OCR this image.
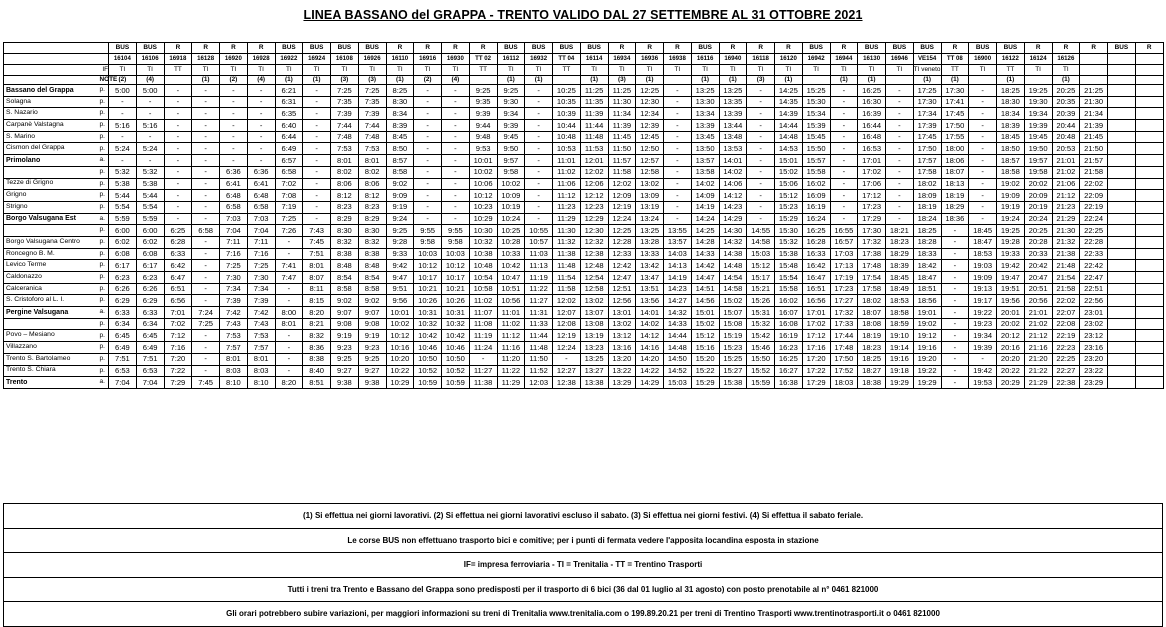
LINEA BASSANO del GRAPPA - TRENTO VALIDO DAL 27 SETTEMBRE AL 31 OTTOBRE 2021
		BUS	BUS	R	R	R	R	BUS	BUS	BUS	BUS	R	R	R	R	BUS	BUS	BUS	BUS	R	R	R	BUS	R	R	R	BUS	R	BUS	BUS	BUS	R	BUS	BUS	R	R	R	BUS	R
		16104	16106	16918	16128	16920	16928	16922	16924	16108	16926	16110	16916	16930	TT 02	16112	16932	TT 04	16114	16934	16936	16938	16116	16940	16118	16120	16942	16944	16130	16946	VE154	TT 08	16900	16122	16124	16126			
	IF	TI	TI	TT	TI	TI	TI	TI	TI	TI	TI	TI	TI	TI	TT	TI	TI	TT	TI	TI	TI	TI	TI	TI	TI	TI	TI	TI	TI	TI	TI veneto	TT	TI	TT	TI	TI			
	NOTE	(2)	(4)		(1)	(2)	(4)	(1)	(1)	(3)	(3)	(1)	(2)	(4)		(1)	(1)		(1)	(3)	(1)		(1)	(1)	(3)	(1)		(1)	(1)		(1)	(1)		(1)		(1)			
Bassano del Grappa	p.	5:00	5:00	-	-	-	-	6:21	-	7:25	7:25	8:25	-	-	9:25	9:25	-	10:25	11:25	11:25	12:25	-	13:25	13:25	-	14:25	15:25	-	16:25	-	17:25	17:30	-	18:25	19:25	20:25	21:25		
Solagna	p.	-	-	-	-	-	-	6:31	-	7:35	7:35	8:30	-	-	9:35	9:30	-	10:35	11:35	11:30	12:30	-	13:30	13:35	-	14:35	15:30	-	16:30	-	17:30	17:41	-	18:30	19:30	20:35	21:30		
S. Nazario	p.	-	-	-	-	-	-	6:35	-	7:39	7:39	8:34	-	-	9:39	9:34	-	10:39	11:39	11:34	12:34	-	13:34	13:39	-	14:39	15:34	-	16:39	-	17:34	17:45	-	18:34	19:34	20:39	21:34		
Carpanè Valstagna	p.	5:16	5:16	-	-	-	-	6:40	-	7:44	7:44	8:39	-	-	9:44	9:39	-	10:44	11:44	11:39	12:39	-	13:39	13:44	-	14:44	15:39	-	16:44	-	17:39	17:50	-	18:39	19:39	20:44	21:39		
S. Marino	p.	-	-	-	-	-	-	6:44	-	7:48	7:48	8:45	-	-	9:48	9:45	-	10:48	11:48	11:45	12:45	-	13:45	13:48	-	14:48	15:45	-	16:48	-	17:45	17:55	-	18:45	19:45	20:48	21:45		
Cismon del Grappa	p.	5:24	5:24	-	-	-	-	6:49	-	7:53	7:53	8:50	-	-	9:53	9:50	-	10:53	11:53	11:50	12:50	-	13:50	13:53	-	14:53	15:50	-	16:53	-	17:50	18:00	-	18:50	19:50	20:53	21:50		
Primolano	a.	-	-	-	-	-	-	6:57	-	8:01	8:01	8:57	-	-	10:01	9:57	-	11:01	12:01	11:57	12:57	-	13:57	14:01	-	15:01	15:57	-	17:01	-	17:57	18:06	-	18:57	19:57	21:01	21:57		
	p.	5:32	5:32	-	-	6:36	6:36	6:58	-	8:02	8:02	8:58	-	-	10:02	9:58	-	11:02	12:02	11:58	12:58	-	13:58	14:02	-	15:02	15:58	-	17:02	-	17:58	18:07	-	18:58	19:58	21:02	21:58		
Tezze di Grigno	p.	5:38	5:38	-	-	6:41	6:41	7:02	-	8:06	8:06	9:02	-	-	10:06	10:02	-	11:06	12:06	12:02	13:02	-	14:02	14:06	-	15:06	16:02	-	17:06	-	18:02	18:13	-	19:02	20:02	21:06	22:02		
Grigno	p.	5:44	5:44	-	-	6:48	6:48	7:08	-	8:12	8:12	9:09	-	-	10:12	10:09	-	11:12	12:12	12:09	13:09	-	14:09	14:12	-	15:12	16:09	-	17:12	-	18:09	18:19	-	19:09	20:09	21:12	22:09		
Strigno	p.	5:54	5:54	-	-	6:58	6:58	7:19	-	8:23	8:23	9:19	-	-	10:23	10:19	-	11:23	12:23	12:19	13:19	-	14:19	14:23	-	15:23	16:19	-	17:23	-	18:19	18:29	-	19:19	20:19	21:23	22:19		
Borgo Valsugana Est	a.	5:59	5:59	-	-	7:03	7:03	7:25	-	8:29	8:29	9:24	-	-	10:29	10:24	-	11:29	12:29	12:24	13:24	-	14:24	14:29	-	15:29	16:24	-	17:29	-	18:24	18:36	-	19:24	20:24	21:29	22:24		
	p.	6:00	6:00	6:25	6:58	7:04	7:04	7:26	7:43	8:30	8:30	9:25	9:55	9:55	10:30	10:25	10:55	11:30	12:30	12:25	13:25	13:55	14:25	14:30	14:55	15:30	16:25	16:55	17:30	18:21	18:25	-	18:45	19:25	20:25	21:30	22:25		
Borgo Valsugana Centro	p.	6:02	6:02	6:28	-	7:11	7:11	-	7:45	8:32	8:32	9:28	9:58	9:58	10:32	10:28	10:57	11:32	12:32	12:28	13:28	13:57	14:28	14:32	14:58	15:32	16:28	16:57	17:32	18:23	18:28	-	18:47	19:28	20:28	21:32	22:28		
Roncegno B. M.	p.	6:08	6:08	6:33	-	7:16	7:16	-	7:51	8:38	8:38	9:33	10:03	10:03	10:38	10:33	11:03	11:38	12:38	12:33	13:33	14:03	14:33	14:38	15:03	15:38	16:33	17:03	17:38	18:29	18:33	-	18:53	19:33	20:33	21:38	22:33		
Levico Terme	p.	6:17	6:17	6:42	-	7:25	7:25	7:41	8:01	8:48	8:48	9:42	10:12	10:12	10:48	10:42	11:13	11:48	12:48	12:42	13:42	14:13	14:42	14:48	15:12	15:48	16:42	17:13	17:48	18:39	18:42	-	19:03	19:42	20:42	21:48	22:42		
Caldonazzo	p.	6:23	6:23	6:47	-	7:30	7:30	7:47	8:07	8:54	8:54	9:47	10:17	10:17	10:54	10:47	11:19	11:54	12:54	12:47	13:47	14:19	14:47	14:54	15:17	15:54	16:47	17:19	17:54	18:45	18:47	-	19:09	19:47	20:47	21:54	22:47		
Calceranica	p.	6:26	6:26	6:51	-	7:34	7:34	-	8:11	8:58	8:58	9:51	10:21	10:21	10:58	10:51	11:22	11:58	12:58	12:51	13:51	14:23	14:51	14:58	15:21	15:58	16:51	17:23	17:58	18:49	18:51	-	19:13	19:51	20:51	21:58	22:51		
S. Cristoforo al L. I.	p.	6:29	6:29	6:56	-	7:39	7:39	-	8:15	9:02	9:02	9:56	10:26	10:26	11:02	10:56	11:27	12:02	13:02	12:56	13:56	14:27	14:56	15:02	15:26	16:02	16:56	17:27	18:02	18:53	18:56	-	19:17	19:56	20:56	22:02	22:56		
Pergine Valsugana	a.	6:33	6:33	7:01	7:24	7:42	7:42	8:00	8:20	9:07	9:07	10:01	10:31	10:31	11:07	11:01	11:31	12:07	13:07	13:01	14:01	14:32	15:01	15:07	15:31	16:07	17:01	17:32	18:07	18:58	19:01	-	19:22	20:01	21:01	22:07	23:01		
	p.	6:34	6:34	7:02	7:25	7:43	7:43	8:01	8:21	9:08	9:08	10:02	10:32	10:32	11:08	11:02	11:33	12:08	13:08	13:02	14:02	14:33	15:02	15:08	15:32	16:08	17:02	17:33	18:08	18:59	19:02	-	19:23	20:02	21:02	22:08	23:02		
Povo – Mesiano	p.	6:45	6:45	7:12	-	7:53	7:53	-	8:32	9:19	9:19	10:12	10:42	10:42	11:19	11:12	11:44	12:19	13:19	13:12	14:12	14:44	15:12	15:19	15:42	16:19	17:12	17:44	18:19	19:10	19:12	-	19:34	20:12	21:12	22:19	23:12		
Villazzano	p.	6:49	6:49	7:16	-	7:57	7:57	-	8:36	9:23	9:23	10:16	10:46	10:46	11:24	11:16	11:48	12:24	13:23	13:16	14:16	14:48	15:16	15:23	15:46	16:23	17:16	17:48	18:23	19:14	19:16	-	19:39	20:16	21:16	22:23	23:16		
Trento S. Bartolameo	p.	7:51	7:51	7:20	-	8:01	8:01	-	8:38	9:25	9:25	10:20	10:50	10:50	-	11:20	11:50	-	13:25	13:20	14:20	14:50	15:20	15:25	15:50	16:25	17:20	17:50	18:25	19:16	19:20	-	-	20:20	21:20	22:25	23:20		
Trento S. Chiara	p.	6:53	6:53	7:22	-	8:03	8:03	-	8:40	9:27	9:27	10:22	10:52	10:52	11:27	11:22	11:52	12:27	13:27	13:22	14:22	14:52	15:22	15:27	15:52	16:27	17:22	17:52	18:27	19:18	19:22	-	19:42	20:22	21:22	22:27	23:22		
Trento	a.	7:04	7:04	7:29	7:45	8:10	8:10	8:20	8:51	9:38	9:38	10:29	10:59	10:59	11:38	11:29	12:03	12:38	13:38	13:29	14:29	15:03	15:29	15:38	15:59	16:38	17:29	18:03	18:38	19:29	19:29	-	19:53	20:29	21:29	22:38	23:29		
(1) Si effettua nei giorni lavorativi. (2) Si effettua nei giorni lavorativi escluso il sabato. (3) Si effettua nei giorni festivi. (4) Si effettua il sabato feriale.
Le corse BUS non effettuano trasporto bici e comitive; per i punti di fermata vedere l'apposita locandina esposta in stazione
IF= impresa ferroviaria - TI = Trenitalia - TT = Trentino Trasporti
Tutti i treni tra Trento e Bassano del Grappa sono predisposti per il trasporto di 6 bici (36 dal 01 luglio al 31 agosto) con posto prenotabile al n° 0461 821000
Gli orari potrebbero subire variazioni, per maggiori informazioni su treni di Trenitalia www.trenitalia.com o 199.89.20.21 per treni di Trentino Trasporti www.trentinotrasporti.it o 0461 821000
